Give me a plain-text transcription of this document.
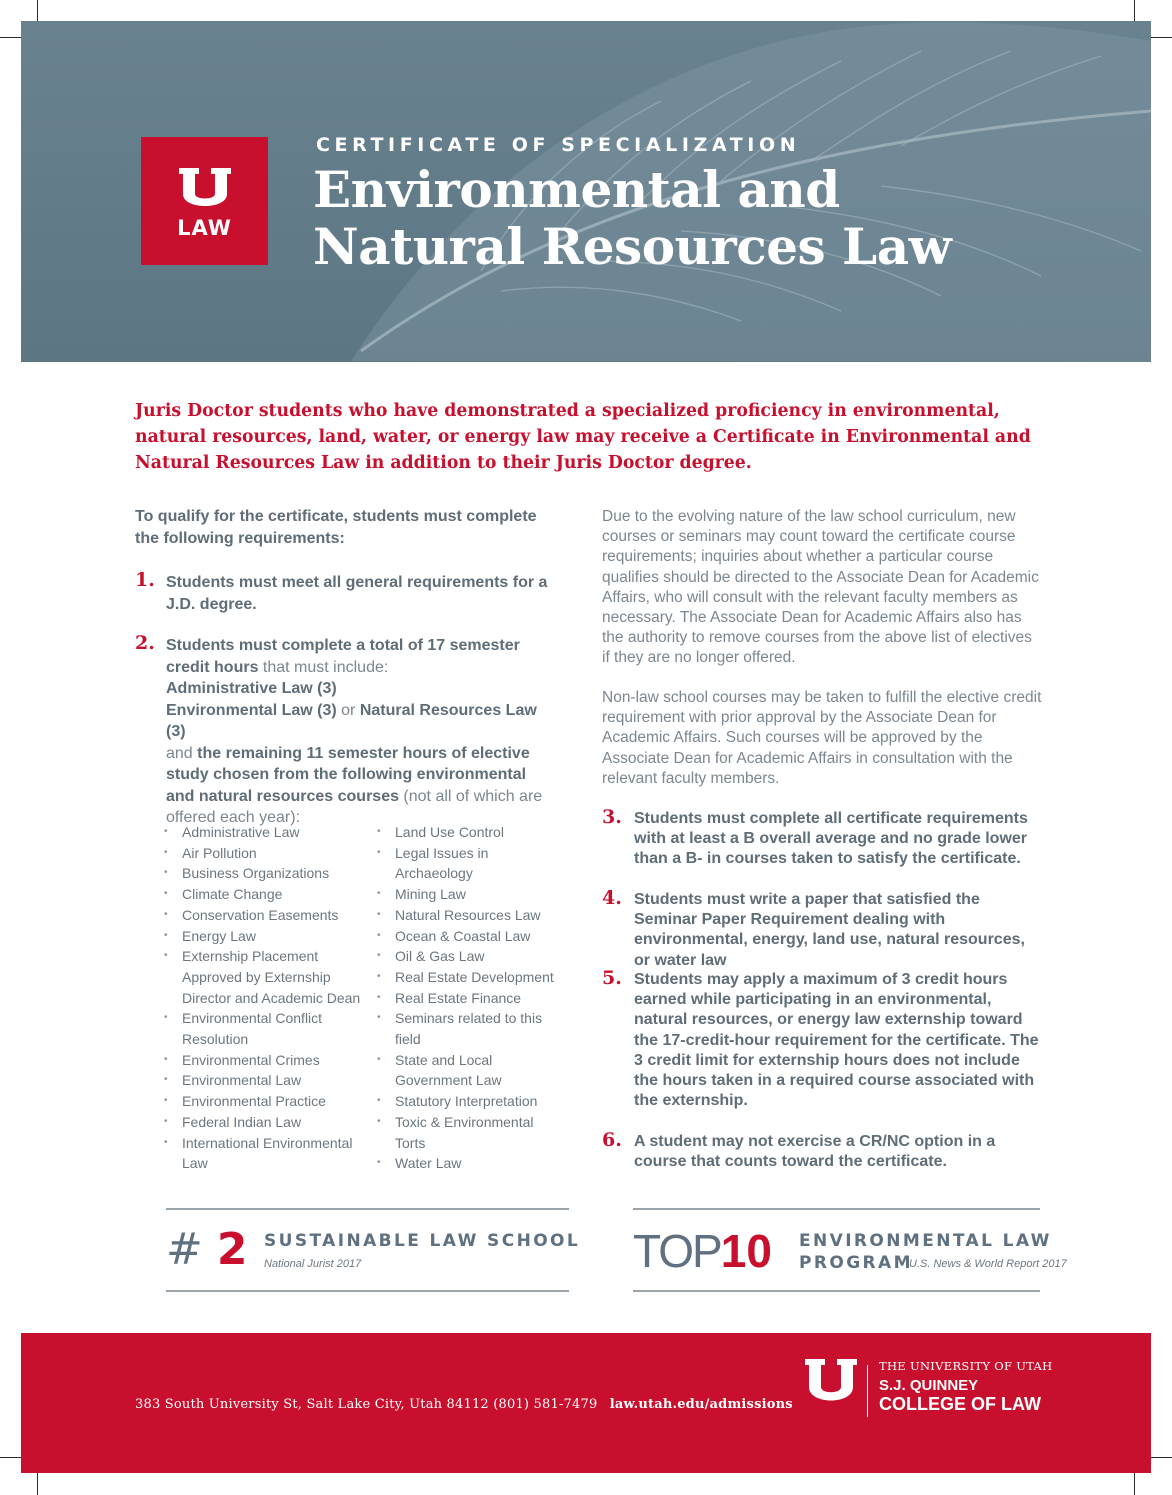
LAW
CERTIFICATE OF SPECIALIZATION
Environmental and
Natural Resources Law
Juris Doctor students who have demonstrated a specialized proficiency in environmental, natural resources, land, water, or energy law may receive a Certificate in Environmental and Natural Resources Law in addition to their Juris Doctor degree.
To qualify for the certificate, students must complete the following requirements:
1. Students must meet all general requirements for a J.D. degree.
2. Students must complete a total of 17 semester credit hours that must include:
Administrative Law (3)
Environmental Law (3) or Natural Resources Law (3)
and the remaining 11 semester hours of elective study chosen from the following environmental and natural resources courses (not all of which are offered each year):
• Administrative Law
• Air Pollution
• Business Organizations
• Climate Change
• Conservation Easements
• Energy Law
• Externship Placement Approved by Externship Director and Academic Dean
• Environmental Conflict Resolution
• Environmental Crimes
• Environmental Law
• Environmental Practice
• Federal Indian Law
• International Environmental Law
• Land Use Control
• Legal Issues in Archaeology
• Mining Law
• Natural Resources Law
• Ocean & Coastal Law
• Oil & Gas Law
• Real Estate Development
• Real Estate Finance
• Seminars related to this field
• State and Local Government Law
• Statutory Interpretation
• Toxic & Environmental Torts
• Water Law
Due to the evolving nature of the law school curriculum, new courses or seminars may count toward the certificate course requirements; inquiries about whether a particular course qualifies should be directed to the Associate Dean for Academic Affairs, who will consult with the relevant faculty members as necessary. The Associate Dean for Academic Affairs also has the authority to remove courses from the above list of electives if they are no longer offered.
Non-law school courses may be taken to fulfill the elective credit requirement with prior approval by the Associate Dean for Academic Affairs. Such courses will be approved by the Associate Dean for Academic Affairs in consultation with the relevant faculty members.
3. Students must complete all certificate requirements with at least a B overall average and no grade lower than a B- in courses taken to satisfy the certificate.
4. Students must write a paper that satisfied the Seminar Paper Requirement dealing with environmental, energy, land use, natural resources, or water law
5. Students may apply a maximum of 3 credit hours earned while participating in an environmental, natural resources, or energy law externship toward the 17-credit-hour requirement for the certificate. The 3 credit limit for externship hours does not include the hours taken in a required course associated with the externship.
6. A student may not exercise a CR/NC option in a course that counts toward the certificate.
# 2 SUSTAINABLE LAW SCHOOL
National Jurist 2017	TOP10 ENVIRONMENTAL LAW
PROGRAM
U.S. News & World Report 2017
383 South University St, Salt Lake City, Utah 84112 (801) 581-7479 law.utah.edu/admissions
THE UNIVERSITY OF UTAH
S.J. QUINNEY
COLLEGE OF LAW
